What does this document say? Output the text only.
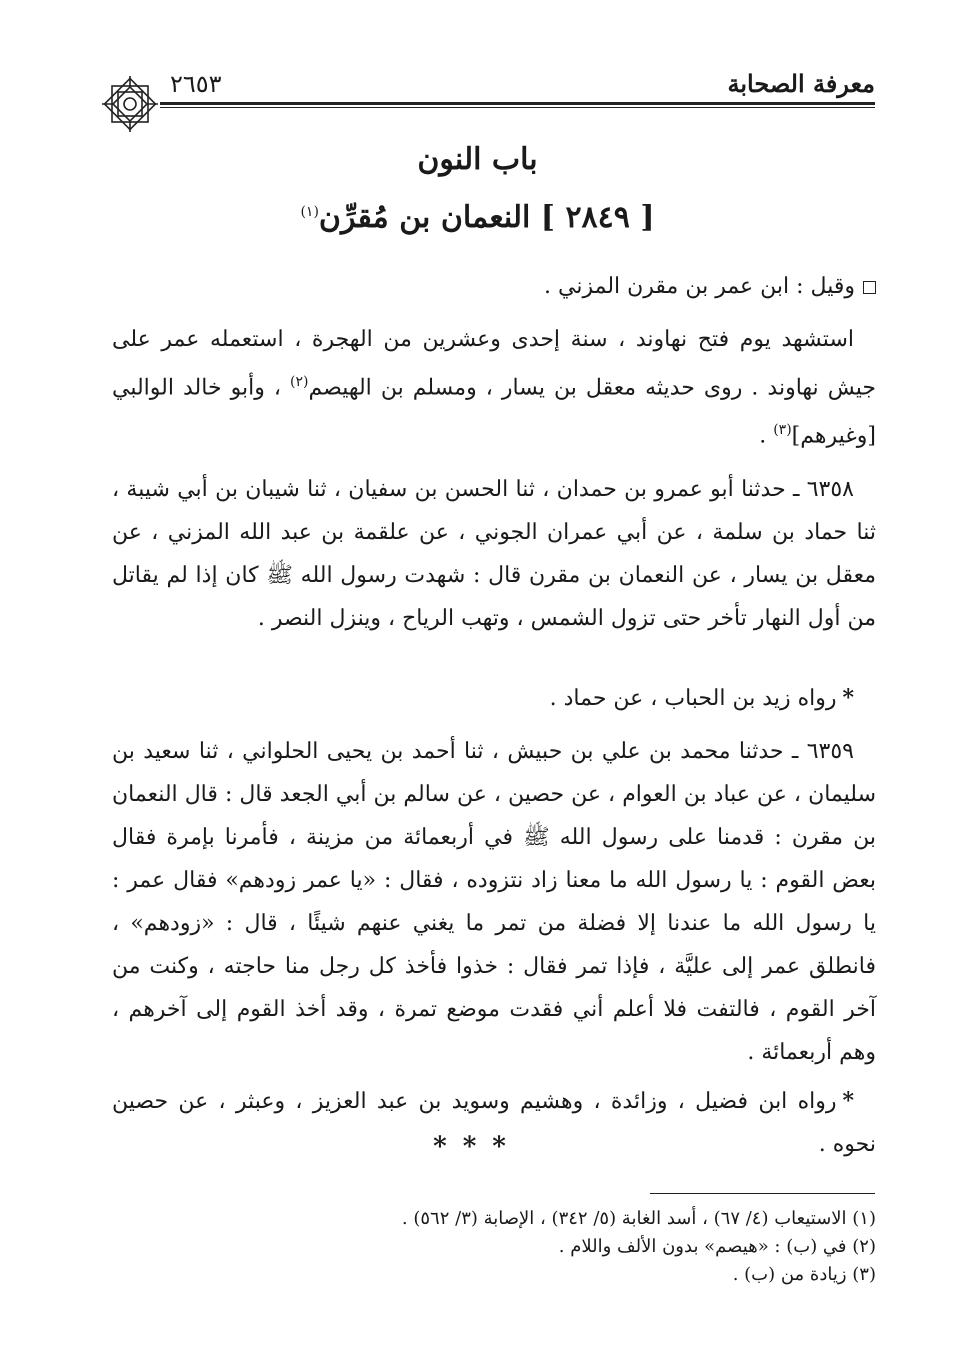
٢٦٥٣	معرفة الصحابة
باب النون
[ ٢٨٤٩ ] النعمان بن مُقرِّن$^{(١)}$
وقيل : ابن عمر بن مقرن المزني .
استشهد يوم فتح نهاوند ، سنة إحدى وعشرين من الهجرة ، استعمله عمر على جيش نهاوند . روى حديثه معقل بن يسار ، ومسلم بن الهيصم$^{(٢)}$ ، وأبو خالد الوالبي [وغيرهم]$^{(٣)}$ .
٦٣٥٨ ـ حدثنا أبو عمرو بن حمدان ، ثنا الحسن بن سفيان ، ثنا شيبان بن أبي شيبة ، ثنا حماد بن سلمة ، عن أبي عمران الجوني ، عن علقمة بن عبد الله المزني ، عن معقل بن يسار ، عن النعمان بن مقرن قال : شهدت رسول الله ﷺ كان إذا لم يقاتل من أول النهار تأخر حتى تزول الشمس ، وتهب الرياح ، وينزل النصر .
*رواه زيد بن الحباب ، عن حماد .
٦٣٥٩ ـ حدثنا محمد بن علي بن حبيش ، ثنا أحمد بن يحيى الحلواني ، ثنا سعيد بن سليمان ، عن عباد بن العوام ، عن حصين ، عن سالم بن أبي الجعد قال : قال النعمان بن مقرن : قدمنا على رسول الله ﷺ في أربعمائة من مزينة ، فأمرنا بإمرة فقال بعض القوم : يا رسول الله ما معنا زاد نتزوده ، فقال : «يا عمر زودهم» فقال عمر : يا رسول الله ما عندنا إلا فضلة من تمر ما يغني عنهم شيئًا ، قال : «زودهم» ، فانطلق عمر إلى عليَّة ، فإذا تمر فقال : خذوا فأخذ كل رجل منا حاجته ، وكنت من آخر القوم ، فالتفت فلا أعلم أني فقدت موضع تمرة ، وقد أخذ القوم إلى آخرهم ، وهم أربعمائة .
*رواه ابن فضيل ، وزائدة ، وهشيم وسويد بن عبد العزيز ، وعبثر ، عن حصين نحوه .
***
(١) الاستيعاب (٤/ ٦٧) ، أسد الغابة (٥/ ٣٤٢) ، الإصابة (٣/ ٥٦٢) .
(٢) في (ب) : «هيصم» بدون الألف واللام .
(٣) زيادة من (ب) .
